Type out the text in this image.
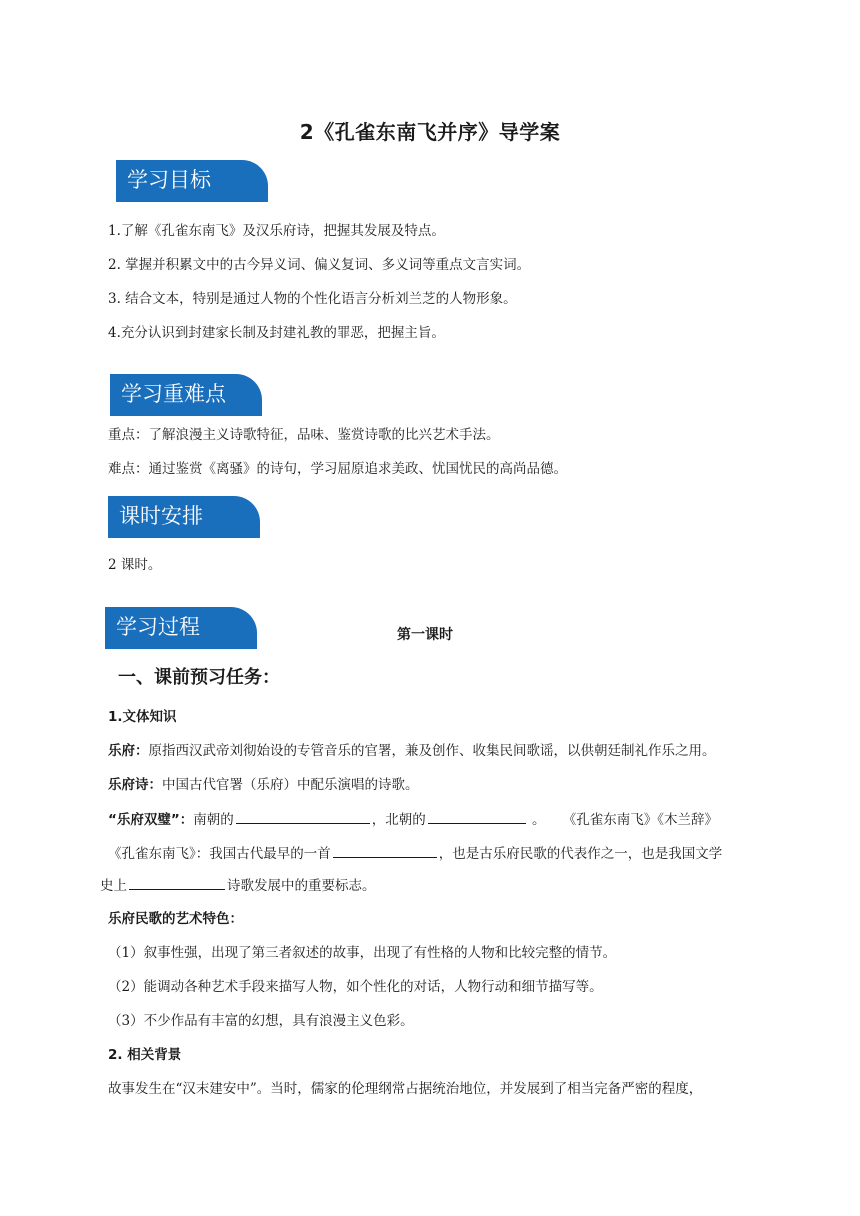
2《孔雀东南飞并序》导学案
学习目标
1.了解《孔雀东南飞》及汉乐府诗，把握其发展及特点。
2. 掌握并积累文中的古今异义词、偏义复词、多义词等重点文言实词。
3. 结合文本，特别是通过人物的个性化语言分析刘兰芝的人物形象。
4.充分认识到封建家长制及封建礼教的罪恶，把握主旨。
学习重难点
重点：了解浪漫主义诗歌特征，品味、鉴赏诗歌的比兴艺术手法。
难点：通过鉴赏《离骚》的诗句，学习屈原追求美政、忧国忧民的高尚品德。
课时安排
2 课时。
学习过程	第一课时
一、课前预习任务：
1.文体知识
乐府：原指西汉武帝刘彻始设的专管音乐的官署，兼及创作、收集民间歌谣，以供朝廷制礼作乐之用。
乐府诗：中国古代官署（乐府）中配乐演唱的诗歌。
“乐府双璧”：南朝的	，北朝的	。 《孔雀东南飞》《木兰辞》
《孔雀东南飞》：我国古代最早的一首	，也是古乐府民歌的代表作之一，也是我国文学
史上	诗歌发展中的重要标志。
乐府民歌的艺术特色：
（1）叙事性强，出现了第三者叙述的故事，出现了有性格的人物和比较完整的情节。
（2）能调动各种艺术手段来描写人物，如个性化的对话，人物行动和细节描写等。
（3）不少作品有丰富的幻想，具有浪漫主义色彩。
2. 相关背景
故事发生在“汉末建安中”。当时，儒家的伦理纲常占据统治地位，并发展到了相当完备严密的程度，
